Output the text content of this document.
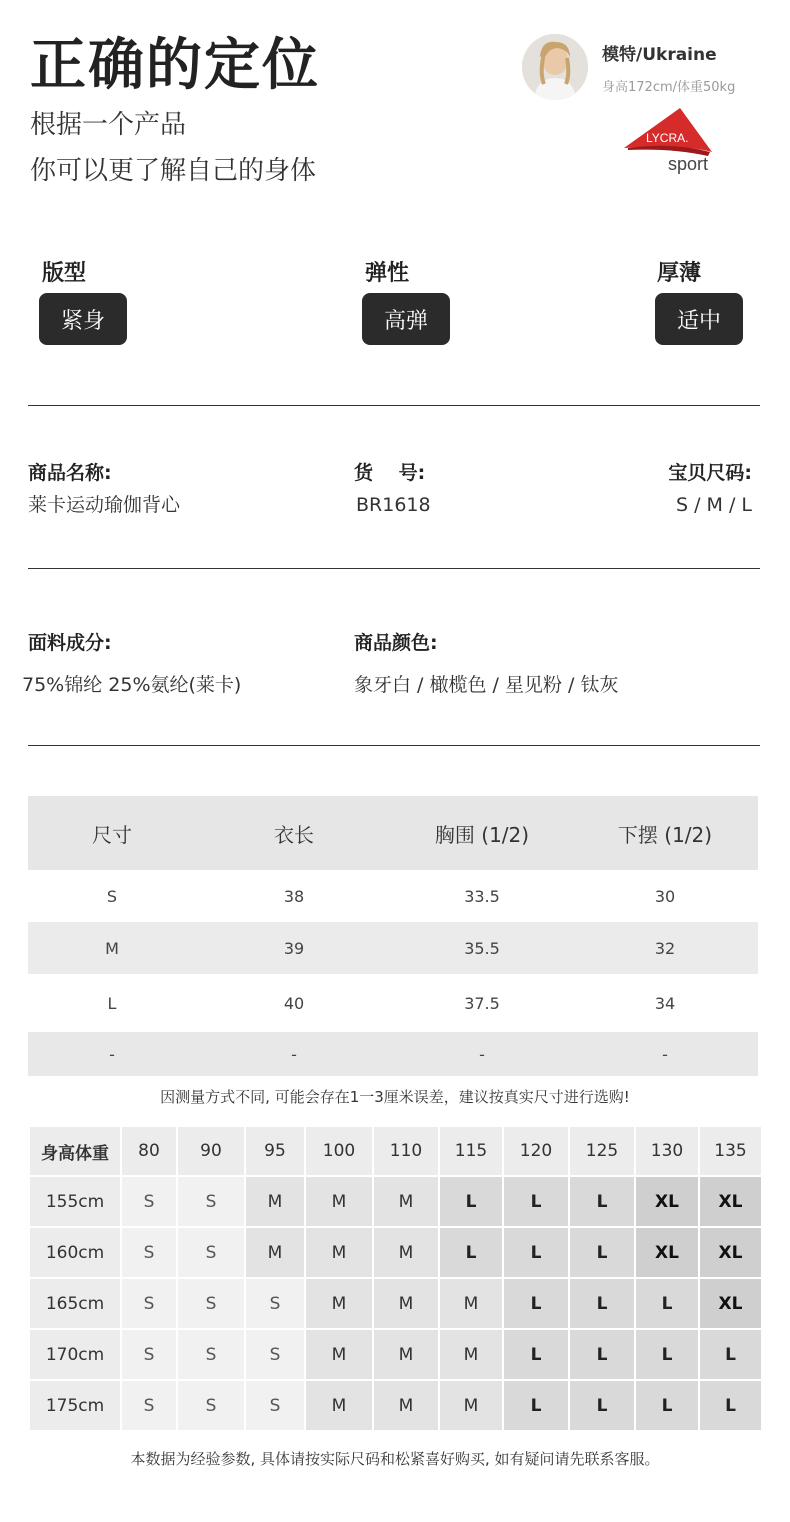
正确的定位
根据一个产品
你可以更了解自己的身体
模特/Ukraine
身高172cm/体重50kg
LYCRA.
sport
版型
紧身
弹性
高弹
厚薄
适中
商品名称:
莱卡运动瑜伽背心
货　 号:
BR1618
宝贝尺码:
S / M / L
面料成分:
75%锦纶 25%氨纶(莱卡)
商品颜色:
象牙白 / 橄榄色 / 星见粉 / 钛灰
尺寸	衣长	胸围 (1/2)	下摆 (1/2)
S	38	33.5	30
M	39	35.5	32
L	40	37.5	34
-	-	-	-
因测量方式不同, 可能会存在1一3厘米误差，建议按真实尺寸进行选购!
身高体重	80	90	95	100	110	115	120	125	130	135
155cm	S	S	M	M	M	L	L	L	XL	XL
160cm	S	S	M	M	M	L	L	L	XL	XL
165cm	S	S	S	M	M	M	L	L	L	XL
170cm	S	S	S	M	M	M	L	L	L	L
175cm	S	S	S	M	M	M	L	L	L	L
本数据为经验参数, 具体请按实际尺码和松紧喜好购买, 如有疑问请先联系客服。
